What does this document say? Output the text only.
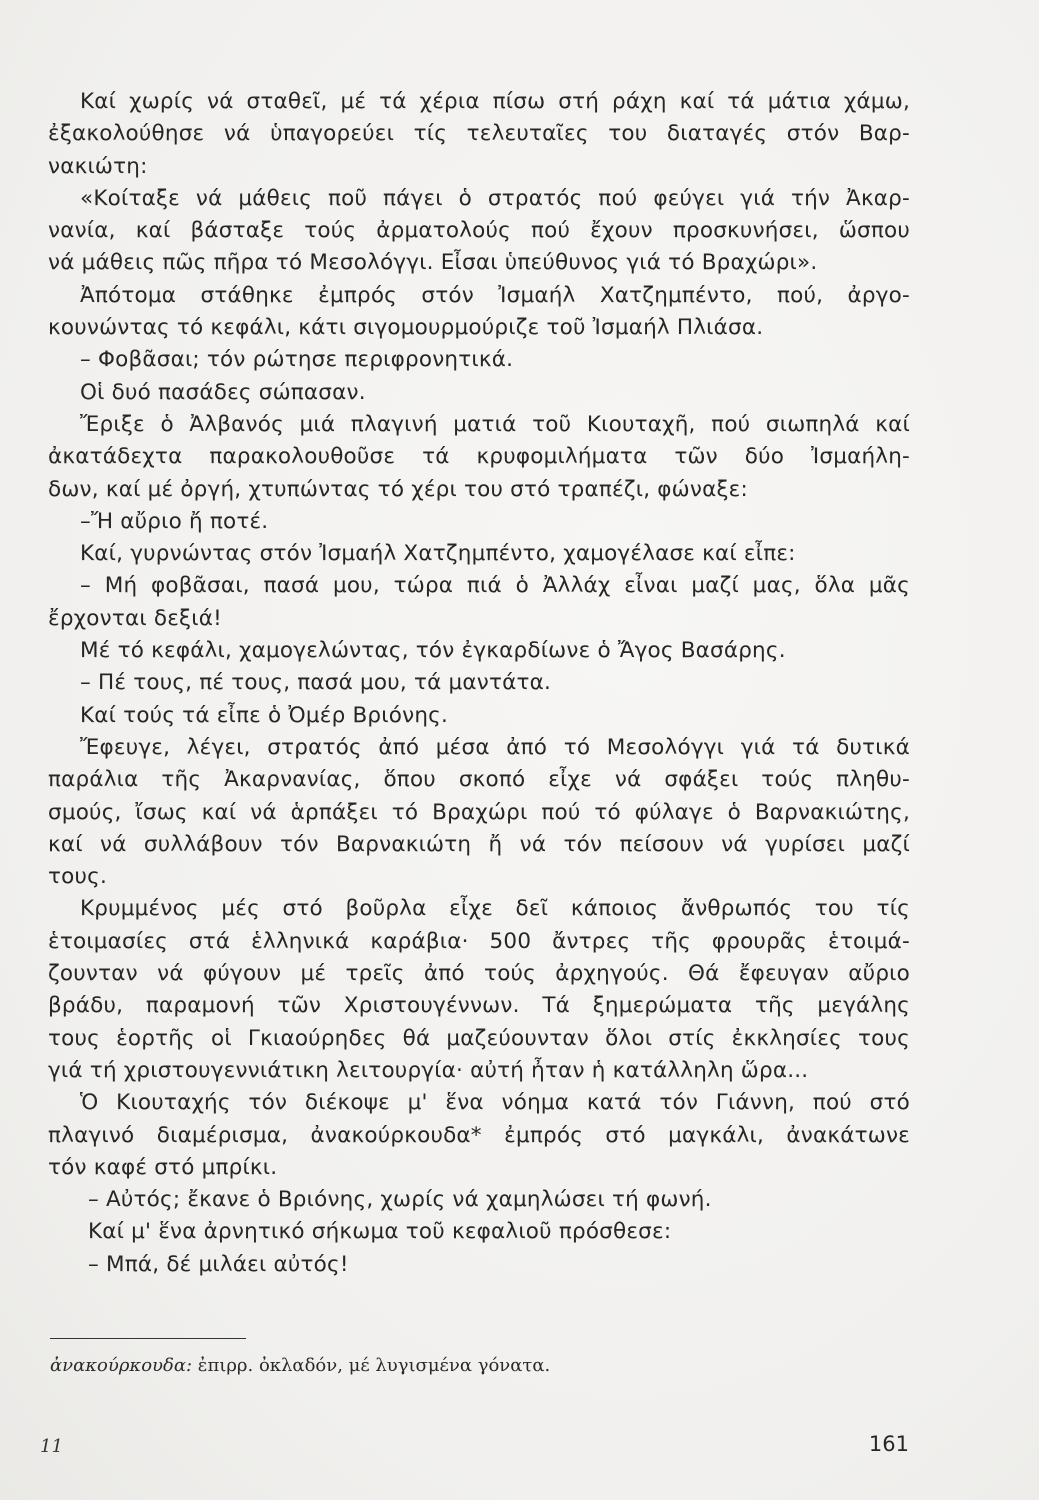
Καί χωρίς νά σταθεῖ, μέ τά χέρια πίσω στή ράχη καί τά μάτια χάμω,
ἐξακολούθησε νά ὑπαγορεύει τίς τελευταῖες του διαταγές στόν Βαρ-
νακιώτη:
«Κοίταξε νά μάθεις ποῦ πάγει ὁ στρατός πού φεύγει γιά τήν Ἀκαρ-
νανία, καί βάσταξε τούς ἀρματολούς πού ἔχουν προσκυνήσει, ὥσπου
νά μάθεις πῶς πῆρα τό Μεσολόγγι. Εἶσαι ὑπεύθυνος γιά τό Βραχώρι».
Ἀπότομα στάθηκε ἐμπρός στόν Ἰσμαήλ Χατζημπέντο, πού, ἀργο-
κουνώντας τό κεφάλι, κάτι σιγομουρμούριζε τοῦ Ἰσμαήλ Πλιάσα.
– Φοβᾶσαι; τόν ρώτησε περιφρονητικά.
Οἱ δυό πασάδες σώπασαν.
Ἔριξε ὁ Ἀλβανός μιά πλαγινή ματιά τοῦ Κιουταχῆ, πού σιωπηλά καί
ἀκατάδεχτα παρακολουθοῦσε τά κρυφομιλήματα τῶν δύο Ἰσμαήλη-
δων, καί μέ ὀργή, χτυπώντας τό χέρι του στό τραπέζι, φώναξε:
–Ἤ αὔριο ἤ ποτέ.
Καί, γυρνώντας στόν Ἰσμαήλ Χατζημπέντο, χαμογέλασε καί εἶπε:
– Μή φοβᾶσαι, πασά μου, τώρα πιά ὁ Ἀλλάχ εἶναι μαζί μας, ὅλα μᾶς
ἔρχονται δεξιά!
Μέ τό κεφάλι, χαμογελώντας, τόν ἐγκαρδίωνε ὁ Ἄγος Βασάρης.
– Πέ τους, πέ τους, πασά μου, τά μαντάτα.
Καί τούς τά εἶπε ὁ Ὀμέρ Βριόνης.
Ἔφευγε, λέγει, στρατός ἀπό μέσα ἀπό τό Μεσολόγγι γιά τά δυτικά
παράλια τῆς Ἀκαρνανίας, ὅπου σκοπό εἶχε νά σφάξει τούς πληθυ-
σμούς, ἴσως καί νά ἁρπάξει τό Βραχώρι πού τό φύλαγε ὁ Βαρνακιώτης,
καί νά συλλάβουν τόν Βαρνακιώτη ἤ νά τόν πείσουν νά γυρίσει μαζί
τους.
Κρυμμένος μές στό βοῦρλα εἶχε δεῖ κάποιος ἄνθρωπός του τίς
ἑτοιμασίες στά ἑλληνικά καράβια· 500 ἄντρες τῆς φρουρᾶς ἑτοιμά-
ζουνταν νά φύγουν μέ τρεῖς ἀπό τούς ἀρχηγούς. Θά ἔφευγαν αὔριο
βράδυ, παραμονή τῶν Χριστουγέννων. Τά ξημερώματα τῆς μεγάλης
τους ἑορτῆς οἱ Γκιαούρηδες θά μαζεύουνταν ὅλοι στίς ἐκκλησίες τους
γιά τή χριστουγεννιάτικη λειτουργία· αὐτή ἦταν ἡ κατάλληλη ὥρα...
Ὁ Κιουταχής τόν διέκοψε μ' ἕνα νόημα κατά τόν Γιάννη, πού στό
πλαγινό διαμέρισμα, ἀνακούρκουδα* ἐμπρός στό μαγκάλι, ἀνακάτωνε
τόν καφέ στό μπρίκι.
– Αὐτός; ἔκανε ὁ Βριόνης, χωρίς νά χαμηλώσει τή φωνή.
Καί μ' ἕνα ἀρνητικό σήκωμα τοῦ κεφαλιοῦ πρόσθεσε:
– Μπά, δέ μιλάει αὐτός!
ἀνακούρκουδα: ἐπιρρ. ὀκλαδόν, μέ λυγισμένα γόνατα.
11	161
